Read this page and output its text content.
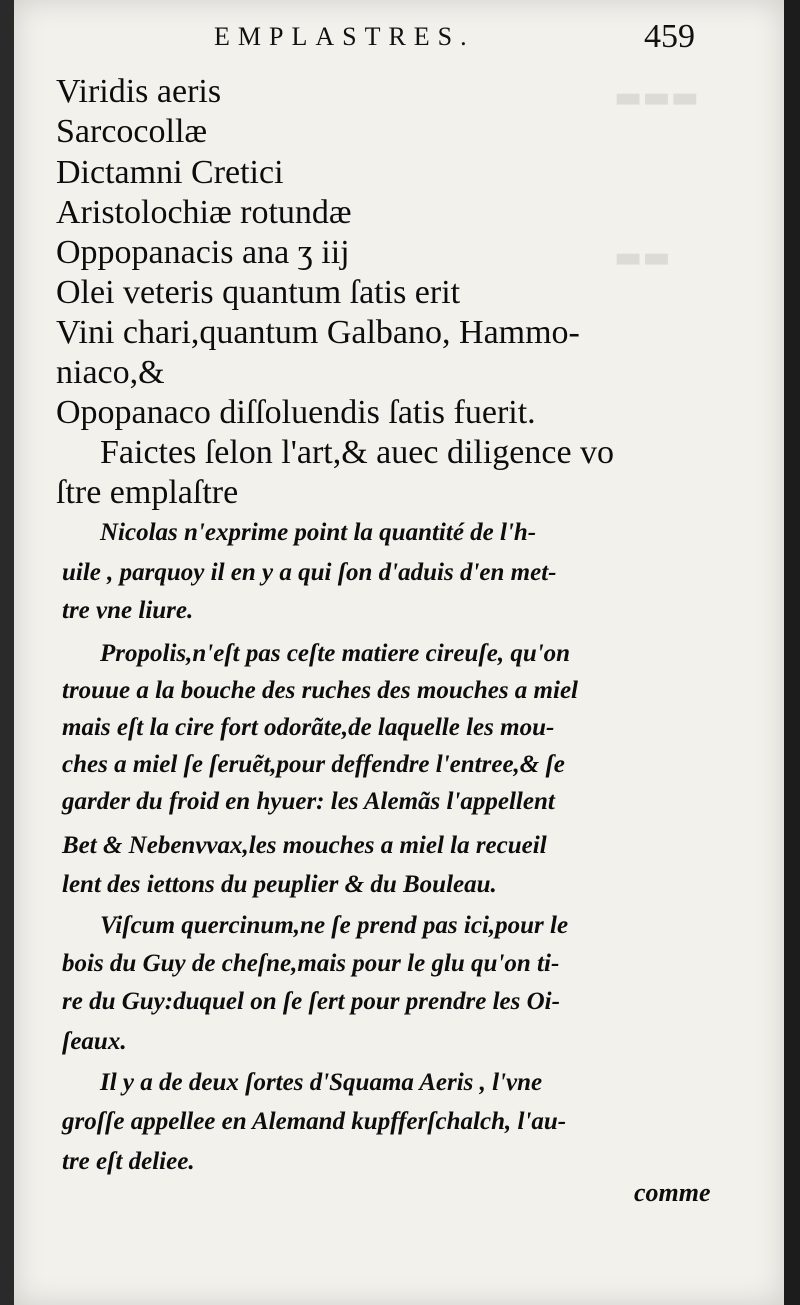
▬▬▬
▬▬
EMPLASTRES.	459
Viridis aeris
Sarcocollæ
Dictamni Cretici
Aristolochiæ rotundæ
Oppopanacis ana ʒ iij
Olei veteris quantum ſatis erit
Vini chari,quantum Galbano, Hammo-
niaco,&
Opopanaco diſſoluendis ſatis fuerit.
Faictes ſelon l'art,& auec diligence vo
ſtre emplaſtre
Nicolas n'exprime point la quantité de l'h-
uile , parquoy il en y a qui ſon d'aduis d'en met-
tre vne liure.
Propolis,n'eſt pas ceſte matiere cireuſe, qu'on
trouue a la bouche des ruches des mouches a miel
mais eſt la cire fort odorãte,de laquelle les mou-
ches a miel ſe ſeruẽt,pour deffendre l'entree,& ſe
garder du froid en hyuer: les Alemãs l'appellent
Bet & Nebenvvax,les mouches a miel la recueil
lent des iettons du peuplier & du Bouleau.
Viſcum quercinum,ne ſe prend pas ici,pour le
bois du Guy de cheſne,mais pour le glu qu'on ti-
re du Guy:duquel on ſe ſert pour prendre les Oi-
ſeaux.
Il y a de deux ſortes d'Squama Aeris , l'vne
groſſe appellee en Alemand kupfferſchalch, l'au-
tre eſt deliee.
comme
